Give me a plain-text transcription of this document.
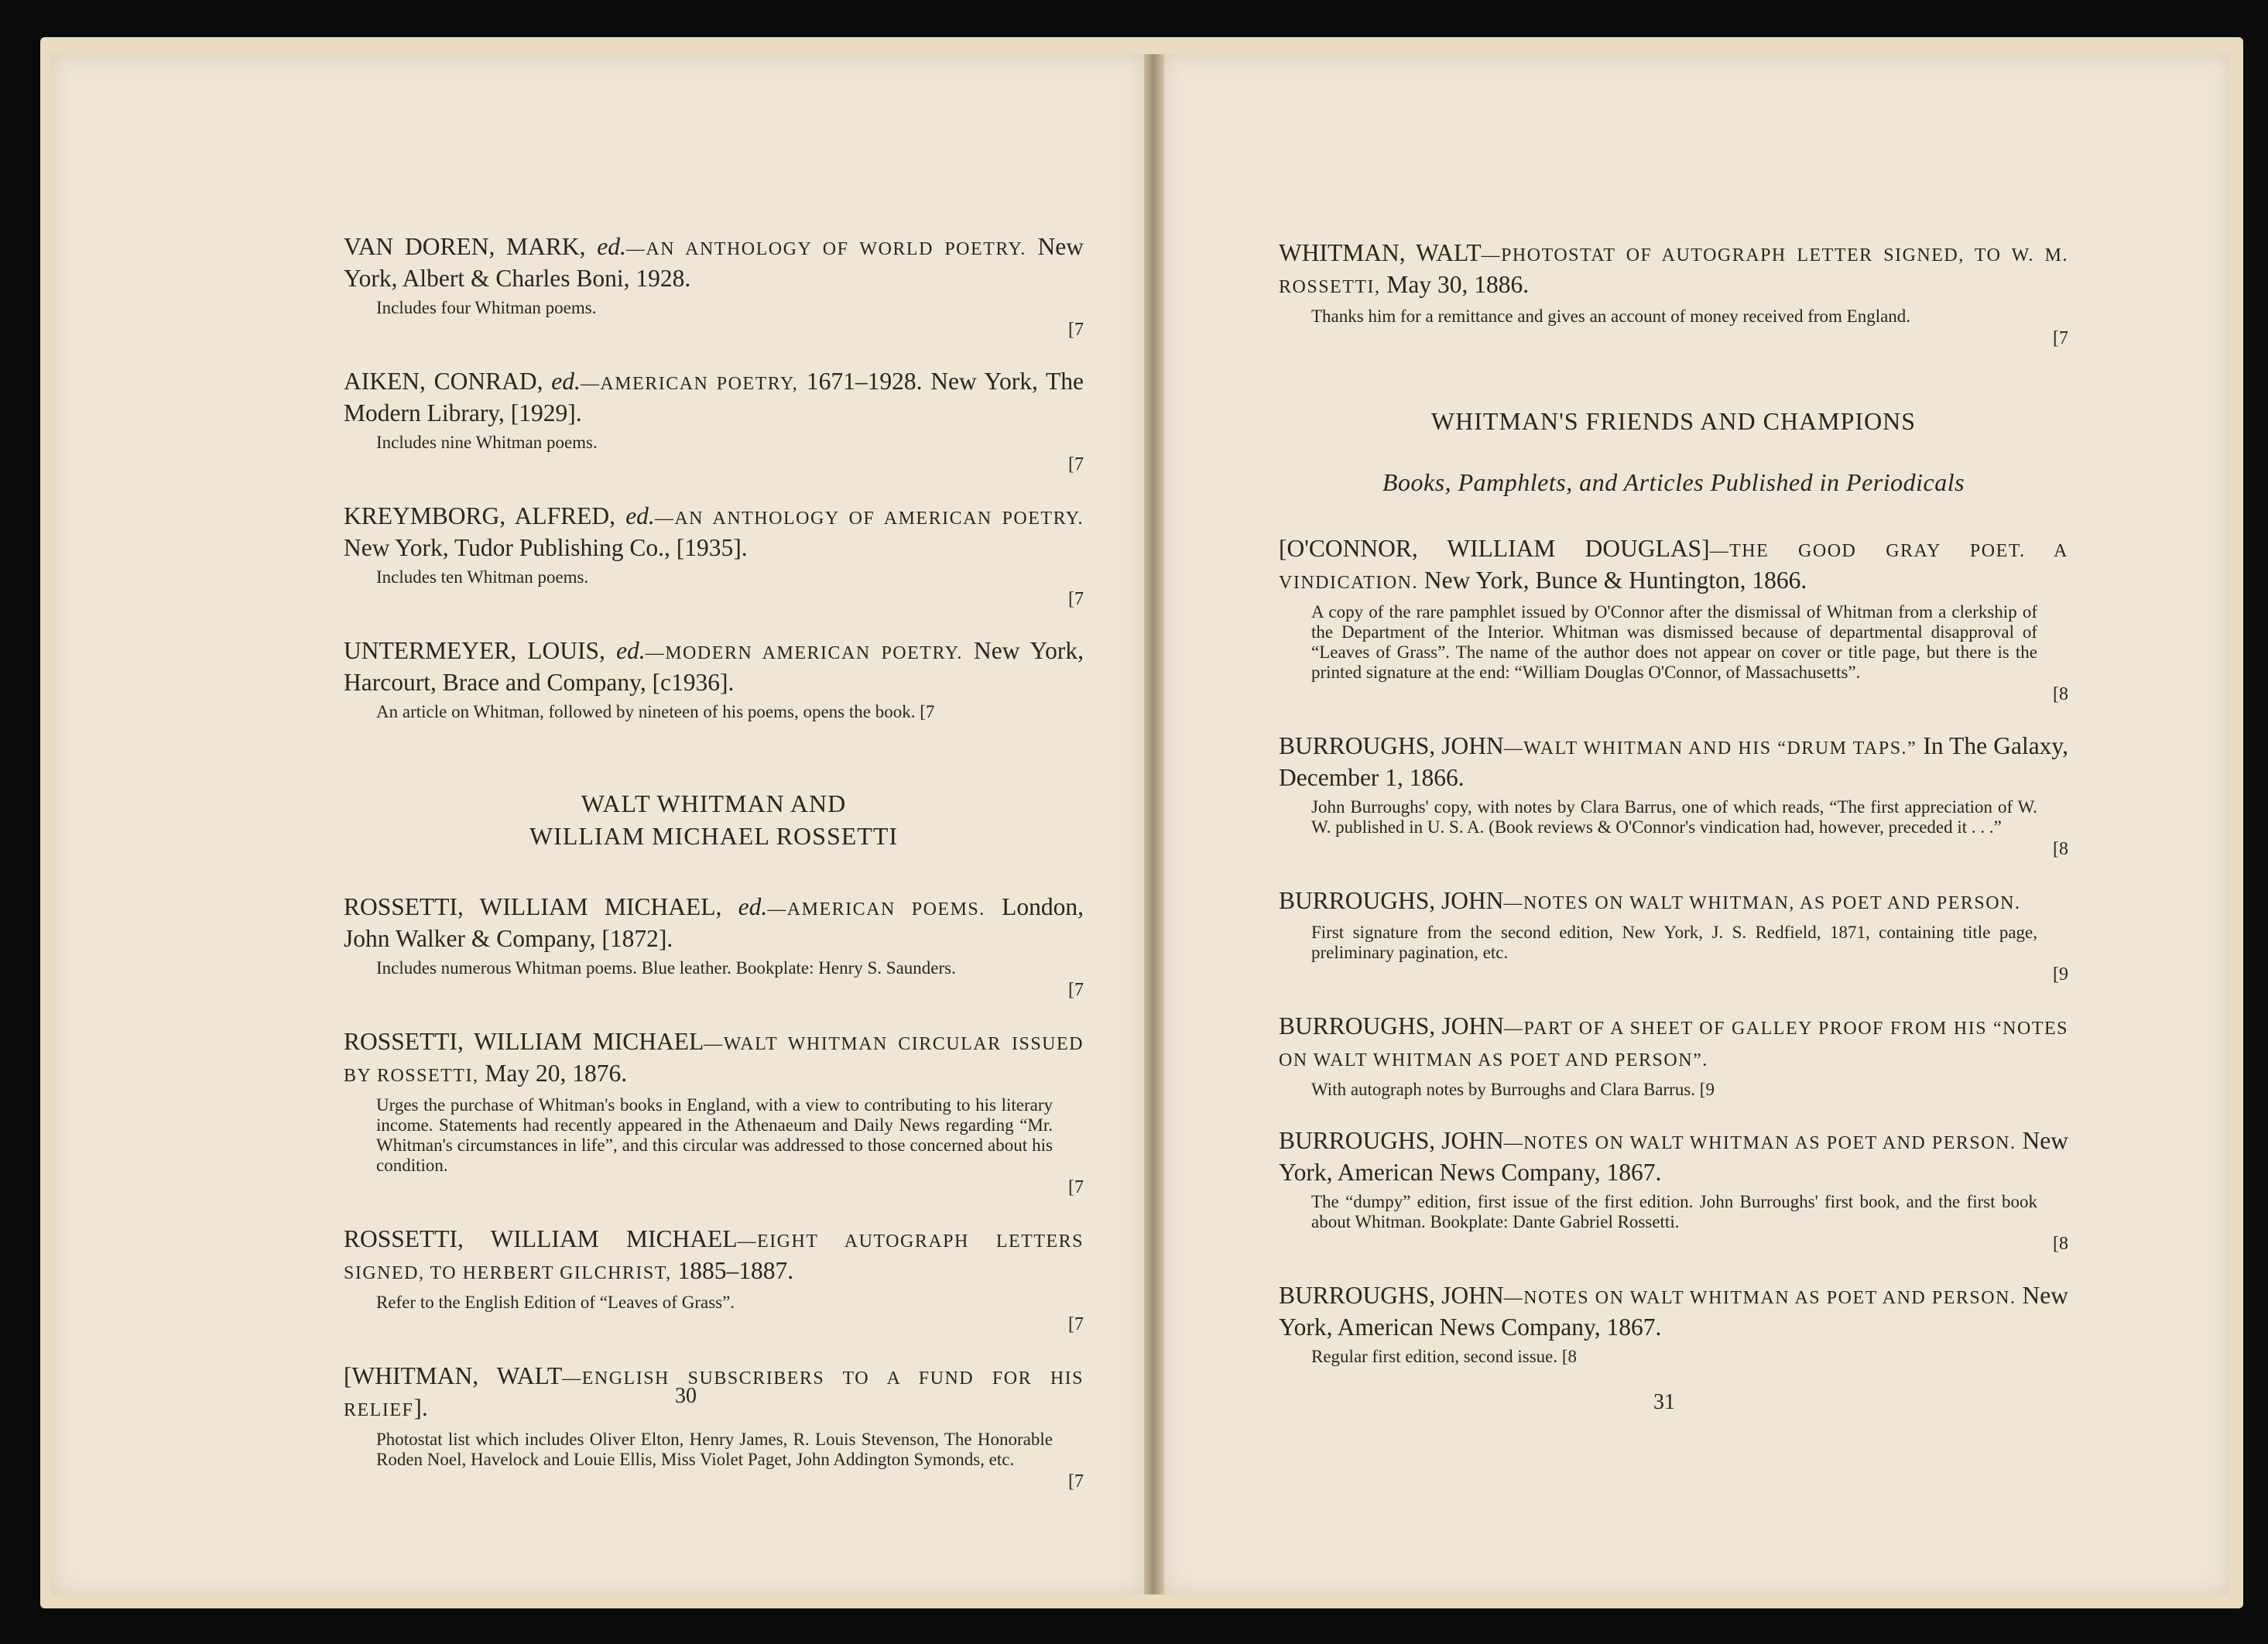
VAN DOREN, MARK, ed.—AN ANTHOLOGY OF WORLD POETRY. New York, Albert & Charles Boni, 1928.
Includes four Whitman poems.
[7
AIKEN, CONRAD, ed.—AMERICAN POETRY, 1671–1928. New York, The Modern Library, [1929].
Includes nine Whitman poems.
[7
KREYMBORG, ALFRED, ed.—AN ANTHOLOGY OF AMERICAN POETRY. New York, Tudor Publishing Co., [1935].
Includes ten Whitman poems.
[7
UNTERMEYER, LOUIS, ed.—MODERN AMERICAN POETRY. New York, Harcourt, Brace and Company, [c1936].
An article on Whitman, followed by nineteen of his poems, opens the book. [7
WALT WHITMAN AND
WILLIAM MICHAEL ROSSETTI
ROSSETTI, WILLIAM MICHAEL, ed.—AMERICAN POEMS. London, John Walker & Company, [1872].
Includes numerous Whitman poems. Blue leather. Bookplate: Henry S. Saunders.
[7
ROSSETTI, WILLIAM MICHAEL—WALT WHITMAN CIRCULAR ISSUED BY ROSSETTI, May 20, 1876.
Urges the purchase of Whitman's books in England, with a view to contributing to his literary income. Statements had recently appeared in the Athenaeum and Daily News regarding “Mr. Whitman's circumstances in life”, and this circular was addressed to those concerned about his condition.
[7
ROSSETTI, WILLIAM MICHAEL—EIGHT AUTOGRAPH LETTERS SIGNED, TO HERBERT GILCHRIST, 1885–1887.
Refer to the English Edition of “Leaves of Grass”.
[7
[WHITMAN, WALT—ENGLISH SUBSCRIBERS TO A FUND FOR HIS RELIEF].
Photostat list which includes Oliver Elton, Henry James, R. Louis Stevenson, The Honorable Roden Noel, Havelock and Louie Ellis, Miss Violet Paget, John Addington Symonds, etc.
[7
30
WHITMAN, WALT—PHOTOSTAT OF AUTOGRAPH LETTER SIGNED, TO W. M. ROSSETTI, May 30, 1886.
Thanks him for a remittance and gives an account of money received from England.
[7
WHITMAN'S FRIENDS AND CHAMPIONS
Books, Pamphlets, and Articles Published in Periodicals
[O'CONNOR, WILLIAM DOUGLAS]—THE GOOD GRAY POET. A VINDICATION. New York, Bunce & Huntington, 1866.
A copy of the rare pamphlet issued by O'Connor after the dismissal of Whitman from a clerkship of the Department of the Interior. Whitman was dismissed because of departmental disapproval of “Leaves of Grass”. The name of the author does not appear on cover or title page, but there is the printed signature at the end: “William Douglas O'Connor, of Massachusetts”.
[8
BURROUGHS, JOHN—WALT WHITMAN AND HIS “DRUM TAPS.” In The Galaxy, December 1, 1866.
John Burroughs' copy, with notes by Clara Barrus, one of which reads, “The first appreciation of W. W. published in U. S. A. (Book reviews & O'Connor's vindication had, however, preceded it . . .”
[8
BURROUGHS, JOHN—NOTES ON WALT WHITMAN, AS POET AND PERSON.
First signature from the second edition, New York, J. S. Redfield, 1871, containing title page, preliminary pagination, etc.
[9
BURROUGHS, JOHN—PART OF A SHEET OF GALLEY PROOF FROM HIS “NOTES ON WALT WHITMAN AS POET AND PERSON”.
With autograph notes by Burroughs and Clara Barrus. [9
BURROUGHS, JOHN—NOTES ON WALT WHITMAN AS POET AND PERSON. New York, American News Company, 1867.
The “dumpy” edition, first issue of the first edition. John Burroughs' first book, and the first book about Whitman. Bookplate: Dante Gabriel Rossetti.
[8
BURROUGHS, JOHN—NOTES ON WALT WHITMAN AS POET AND PERSON. New York, American News Company, 1867.
Regular first edition, second issue. [8
31
